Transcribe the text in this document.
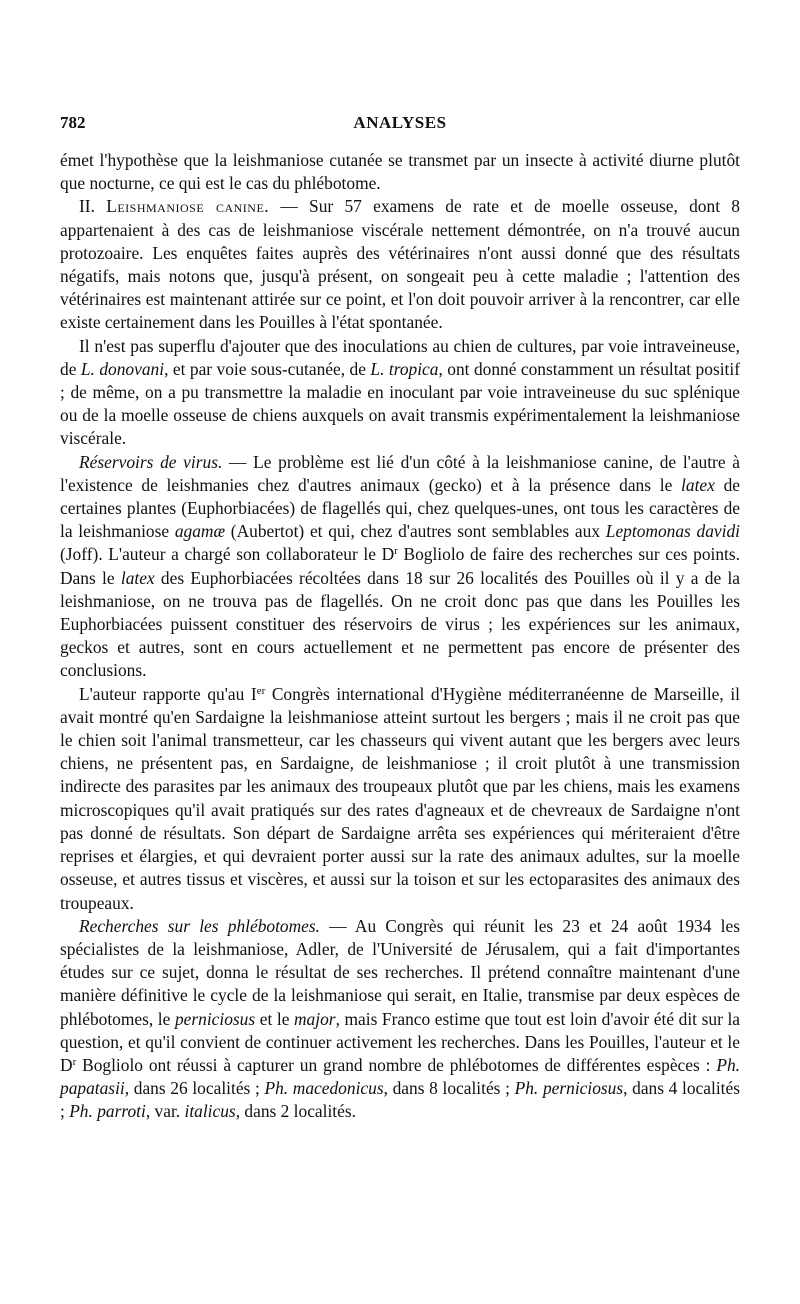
782	ANALYSES

émet l'hypothèse que la leishmaniose cutanée se transmet par un insecte à activité diurne plutôt que nocturne, ce qui est le cas du phlébotome.

II. Leishmaniose canine. — Sur 57 examens de rate et de moelle osseuse, dont 8 appartenaient à des cas de leishmaniose viscérale nettement démontrée, on n'a trouvé aucun protozoaire. Les enquêtes faites auprès des vétérinaires n'ont aussi donné que des résultats négatifs, mais notons que, jusqu'à présent, on songeait peu à cette maladie ; l'attention des vétérinaires est maintenant attirée sur ce point, et l'on doit pouvoir arriver à la rencontrer, car elle existe certainement dans les Pouilles à l'état spontanée.

Il n'est pas superflu d'ajouter que des inoculations au chien de cultures, par voie intraveineuse, de L. donovani, et par voie sous-cutanée, de L. tropica, ont donné constamment un résultat positif ; de même, on a pu transmettre la maladie en inoculant par voie intraveineuse du suc splénique ou de la moelle osseuse de chiens auxquels on avait transmis expérimentalement la leishmaniose viscérale.

Réservoirs de virus. — Le problème est lié d'un côté à la leishmaniose canine, de l'autre à l'existence de leishmanies chez d'autres animaux (gecko) et à la présence dans le latex de certaines plantes (Euphorbiacées) de flagellés qui, chez quelques-unes, ont tous les caractères de la leishmaniose agamæ (Aubertot) et qui, chez d'autres sont semblables aux Leptomonas davidi (Joff). L'auteur a chargé son collaborateur le $D^r$ Bogliolo de faire des recherches sur ces points. Dans le latex des Euphorbiacées récoltées dans 18 sur 26 localités des Pouilles où il y a de la leishmaniose, on ne trouva pas de flagellés. On ne croit donc pas que dans les Pouilles les Euphorbiacées puissent constituer des réservoirs de virus ; les expériences sur les animaux, geckos et autres, sont en cours actuellement et ne permettent pas encore de présenter des conclusions.

L'auteur rapporte qu'au Ier Congrès international d'Hygiène méditerranéenne de Marseille, il avait montré qu'en Sardaigne la leishmaniose atteint surtout les bergers ; mais il ne croit pas que le chien soit l'animal transmetteur, car les chasseurs qui vivent autant que les bergers avec leurs chiens, ne présentent pas, en Sardaigne, de leishmaniose ; il croit plutôt à une transmission indirecte des parasites par les animaux des troupeaux plutôt que par les chiens, mais les examens microscopiques qu'il avait pratiqués sur des rates d'agneaux et de chevreaux de Sardaigne n'ont pas donné de résultats. Son départ de Sardaigne arrêta ses expériences qui mériteraient d'être reprises et élargies, et qui devraient porter aussi sur la rate des animaux adultes, sur la moelle osseuse, et autres tissus et viscères, et aussi sur la toison et sur les ectoparasites des animaux des troupeaux.

Recherches sur les phlébotomes. — Au Congrès qui réunit les 23 et 24 août 1934 les spécialistes de la leishmaniose, Adler, de l'Université de Jérusalem, qui a fait d'importantes études sur ce sujet, donna le résultat de ses recherches. Il prétend connaître maintenant d'une manière définitive le cycle de la leishmaniose qui serait, en Italie, transmise par deux espèces de phlébotomes, le perniciosus et le major, mais Franco estime que tout est loin d'avoir été dit sur la question, et qu'il convient de continuer activement les recherches. Dans les Pouilles, l'auteur et le $D^r$ Bogliolo ont réussi à capturer un grand nombre de phlébotomes de différentes espèces : Ph. papatasii, dans 26 localités ; Ph. macedonicus, dans 8 localités ; Ph. perniciosus, dans 4 localités ; Ph. parroti, var. italicus, dans 2 localités.
